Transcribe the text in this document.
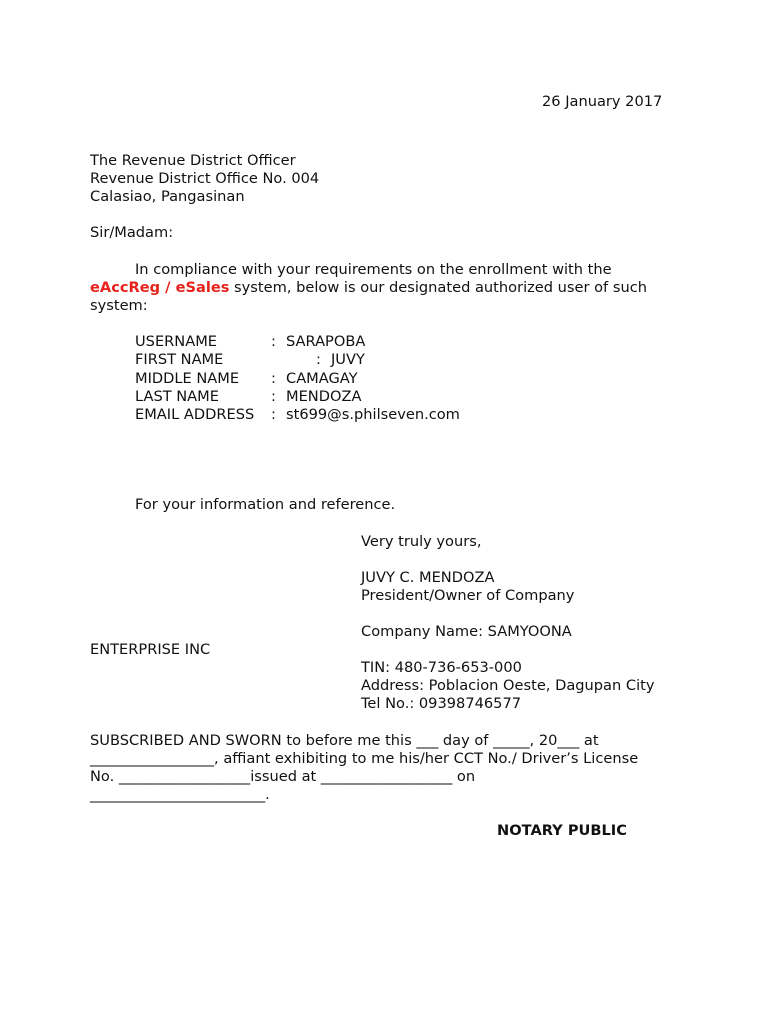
26 January 2017
The Revenue District Officer
Revenue District Office No. 004
Calasiao, Pangasinan
Sir/Madam:
In compliance with your requirements on the enrollment with the
eAccReg / eSales system, below is our designated authorized user of such
system:
USERNAME	: SARAPOBA
FIRST NAME	: JUVY
MIDDLE NAME : CAMAGAY
LAST NAME	: MENDOZA
EMAIL ADDRESS : st699@s.philseven.com
For your information and reference.
Very truly yours,
JUVY C. MENDOZA
President/Owner of Company
Company Name: SAMYOONA
ENTERPRISE INC
TIN: 480-736-653-000
Address: Poblacion Oeste, Dagupan City
Tel No.: 09398746577
SUBSCRIBED AND SWORN to before me this ___ day of _____, 20___ at
_________________, affiant exhibiting to me his/her CCT No./ Driver’s License
No. __________________issued at __________________ on
________________________.
NOTARY PUBLIC
